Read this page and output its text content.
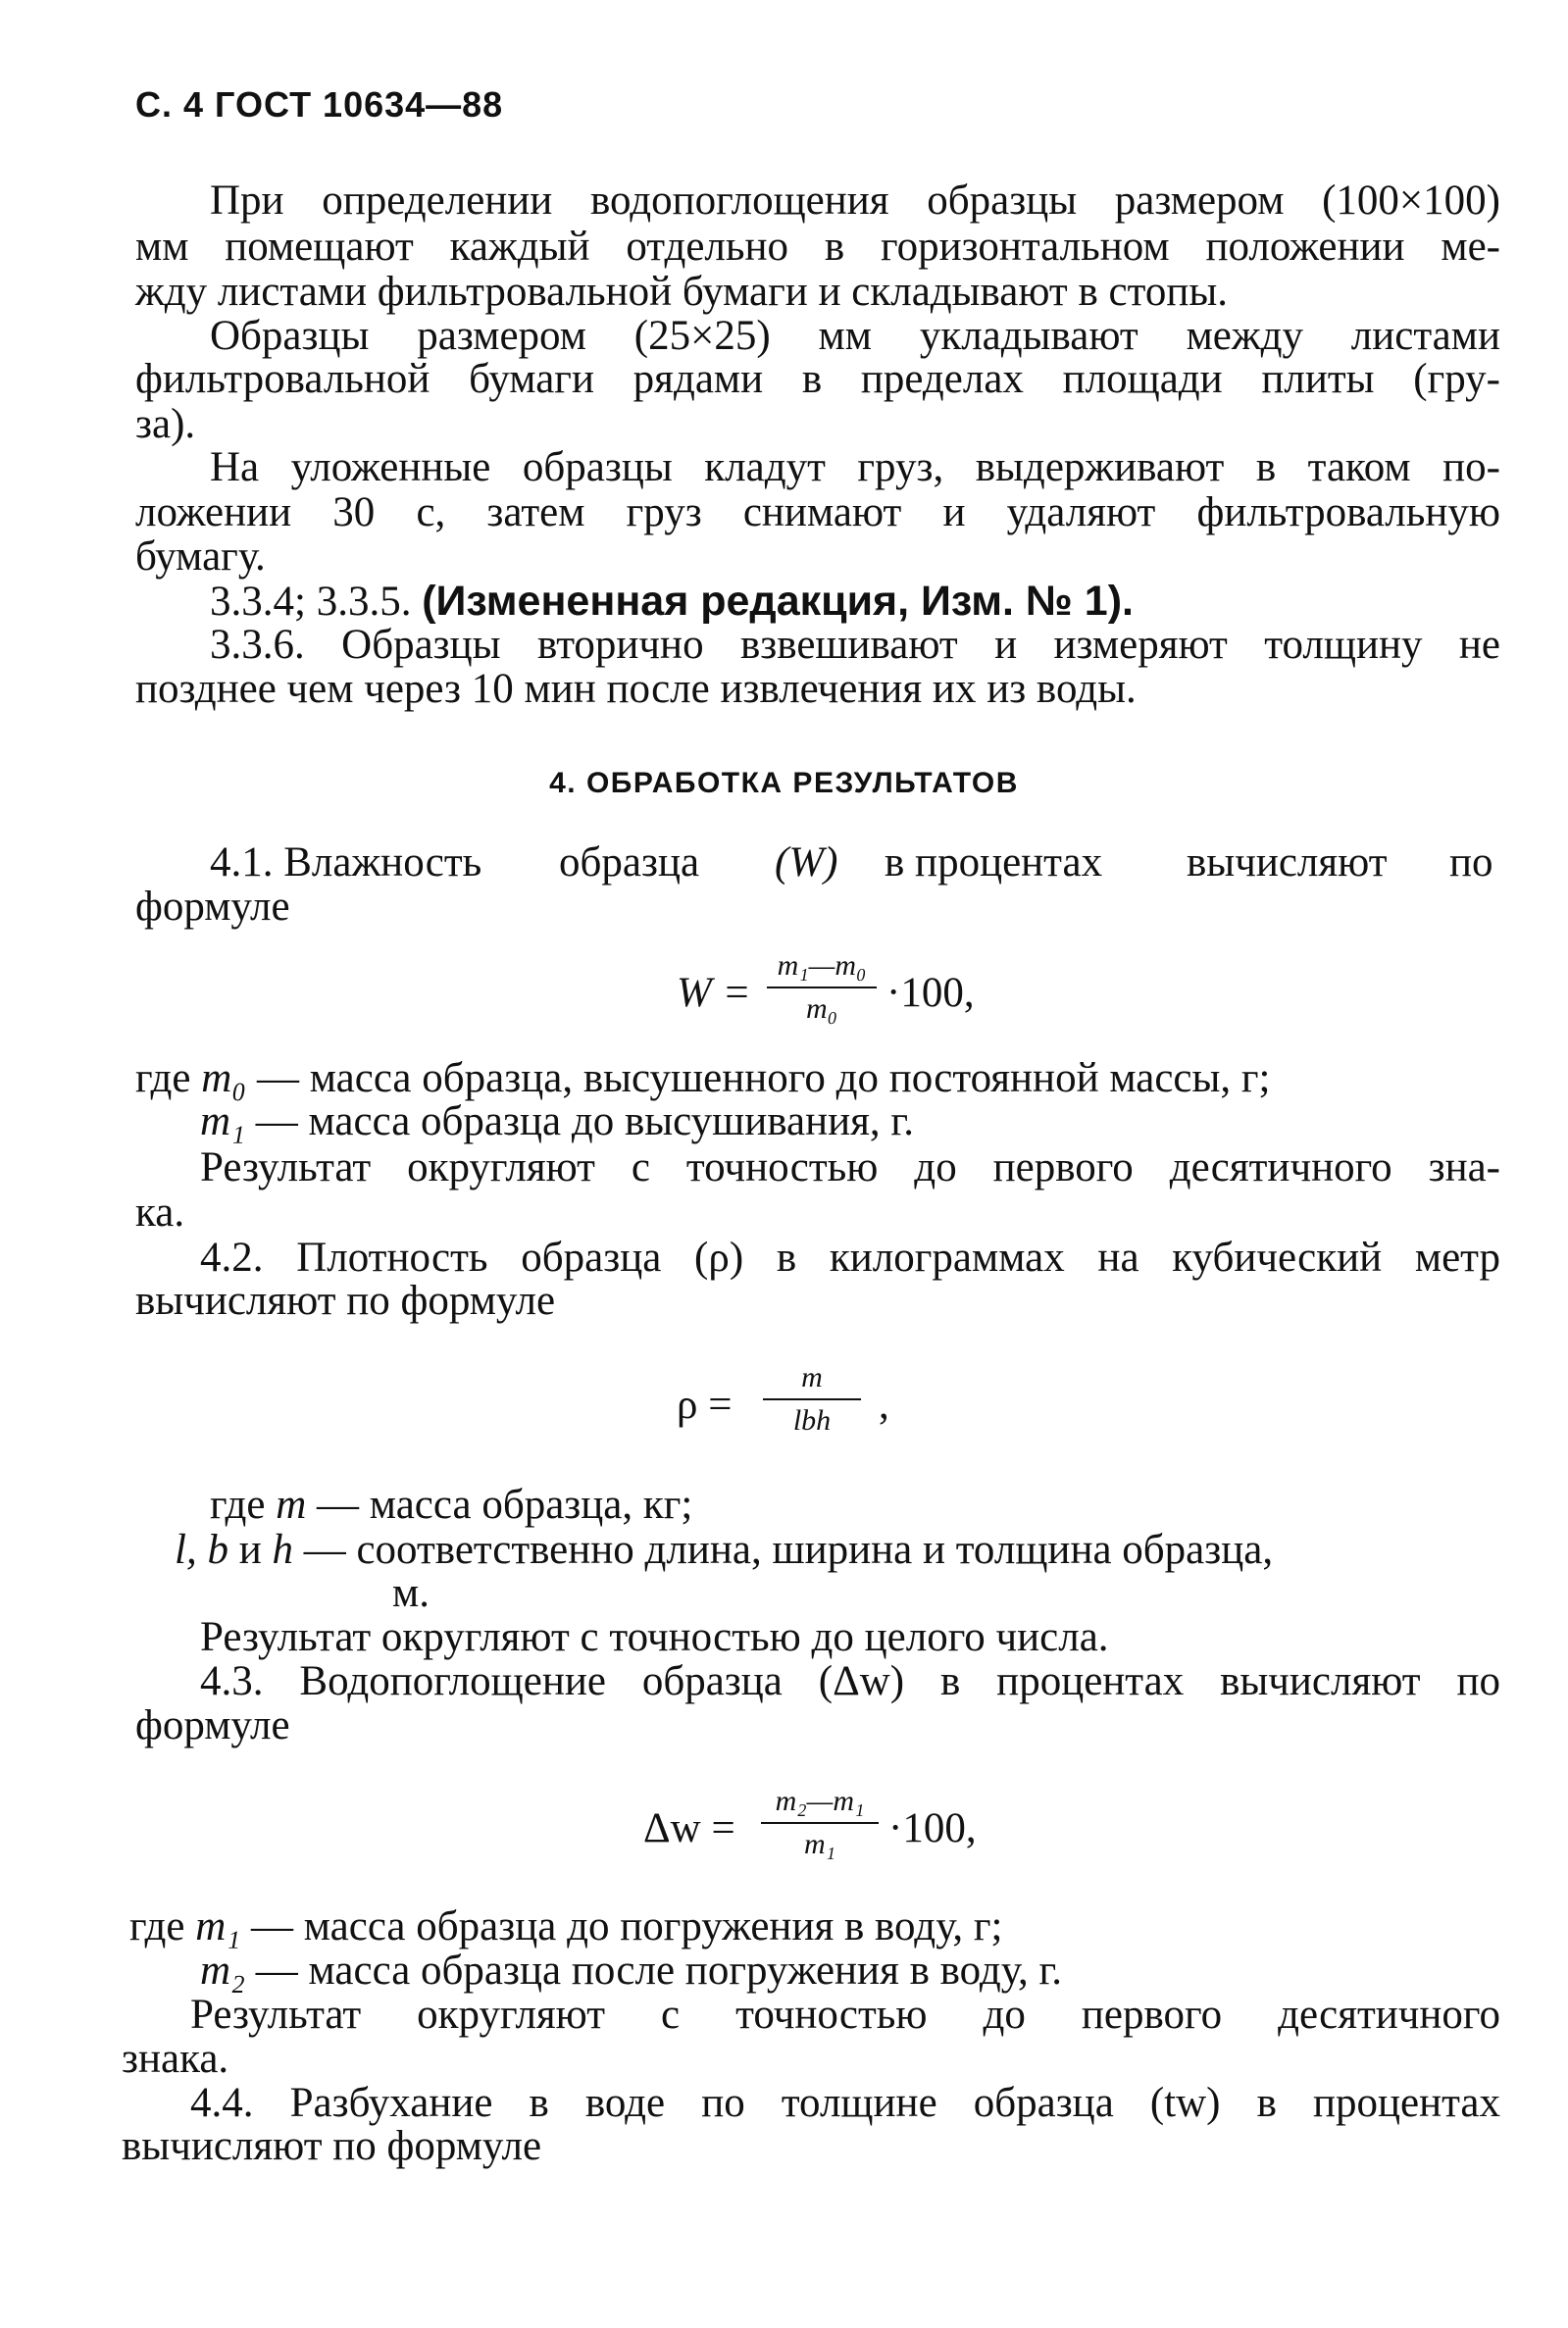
С. 4 ГОСТ 10634—88
При определении водопоглощения образцы размером (100×100)
мм помещают каждый отдельно в горизонтальном положении ме-
жду листами фильтровальной бумаги и складывают в стопы.
Образцы размером (25×25) мм укладывают между листами
фильтровальной бумаги рядами в пределах площади плиты (гру-
за).
На уложенные образцы кладут груз, выдерживают в таком по-
ложении 30 с, затем груз снимают и удаляют фильтровальную
бумагу.
3.3.4; 3.3.5. (Измененная редакция, Изм. № 1).
3.3.6. Образцы вторично взвешивают и измеряют толщину не
позднее чем через 10 мин после извлечения их из воды.
4. ОБРАБОТКА РЕЗУЛЬТАТОВ
4.1. Влажность образца (W) в процентах вычисляют по
формуле
W =
m₁—m₀
m₀	·100,
где m₀ — масса образца, высушенного до постоянной массы, г;
m₁ — масса образца до высушивания, г.
Результат округляют с точностью до первого десятичного зна-
ка.
4.2. Плотность образца (ρ) в килограммах на кубический метр
вычисляют по формуле
ρ =
m
lbh	,
где m — масса образца, кг;
l, b и h — соответственно длина, ширина и толщина образца,
м.
Результат округляют с точностью до целого числа.
4.3. Водопоглощение образца (Δw) в процентах вычисляют по
формуле
Δw =
m₂—m₁
m₁	·100,
где m₁ — масса образца до погружения в воду, г;
m₂ — масса образца после погружения в воду, г.
Результат округляют с точностью до первого десятичного
знака.
4.4. Разбухание в воде по толщине образца (tw) в процентах
вычисляют по формуле
